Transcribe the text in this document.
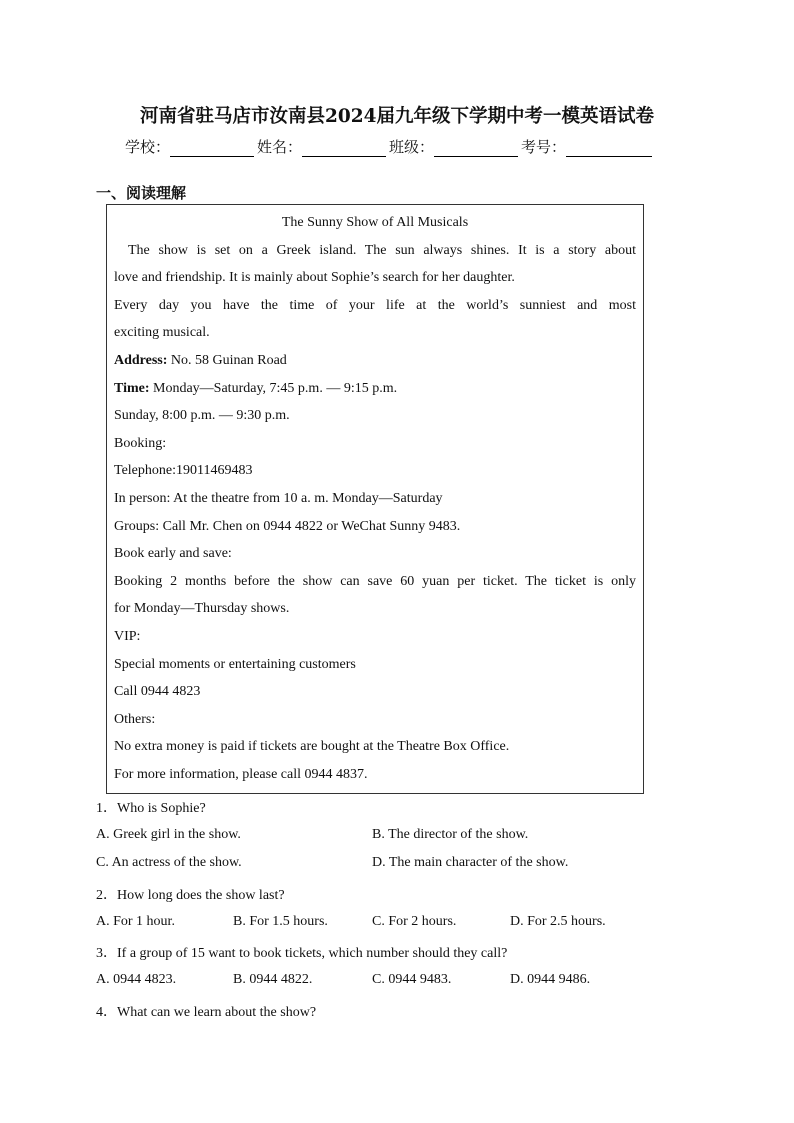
河南省驻马店市汝南县2024届九年级下学期中考一模英语试卷
学校：	姓名：	班级：	考号：
一、阅读理解
The Sunny Show of All Musicals
The show is set on a Greek island. The sun always shines. It is a story about
love and friendship. It is mainly about Sophie’s search for her daughter.
Every day you have the time of your life at the world’s sunniest and most
exciting musical.
Address: No. 58 Guinan Road
Time: Monday—Saturday, 7:45 p.m. — 9:15 p.m.
Sunday, 8:00 p.m. — 9:30 p.m.
Booking:
Telephone:19011469483
In person: At the theatre from 10 a. m. Monday—Saturday
Groups: Call Mr. Chen on 0944 4822 or WeChat Sunny 9483.
Book early and save:
Booking 2 months before the show can save 60 yuan per ticket. The ticket is only
for Monday—Thursday shows.
VIP:
Special moments or entertaining customers
Call 0944 4823
Others:
No extra money is paid if tickets are bought at the Theatre Box Office.
For more information, please call 0944 4837.
1．Who is Sophie?
A. Greek girl in the show.	B. The director of the show.
C. An actress of the show.	D. The main character of the show.
2．How long does the show last?
A. For 1 hour.	B. For 1.5 hours.	C. For 2 hours.	D. For 2.5 hours.
3．If a group of 15 want to book tickets, which number should they call?
A. 0944 4823.	B. 0944 4822.	C. 0944 9483.	D. 0944 9486.
4．What can we learn about the show?
